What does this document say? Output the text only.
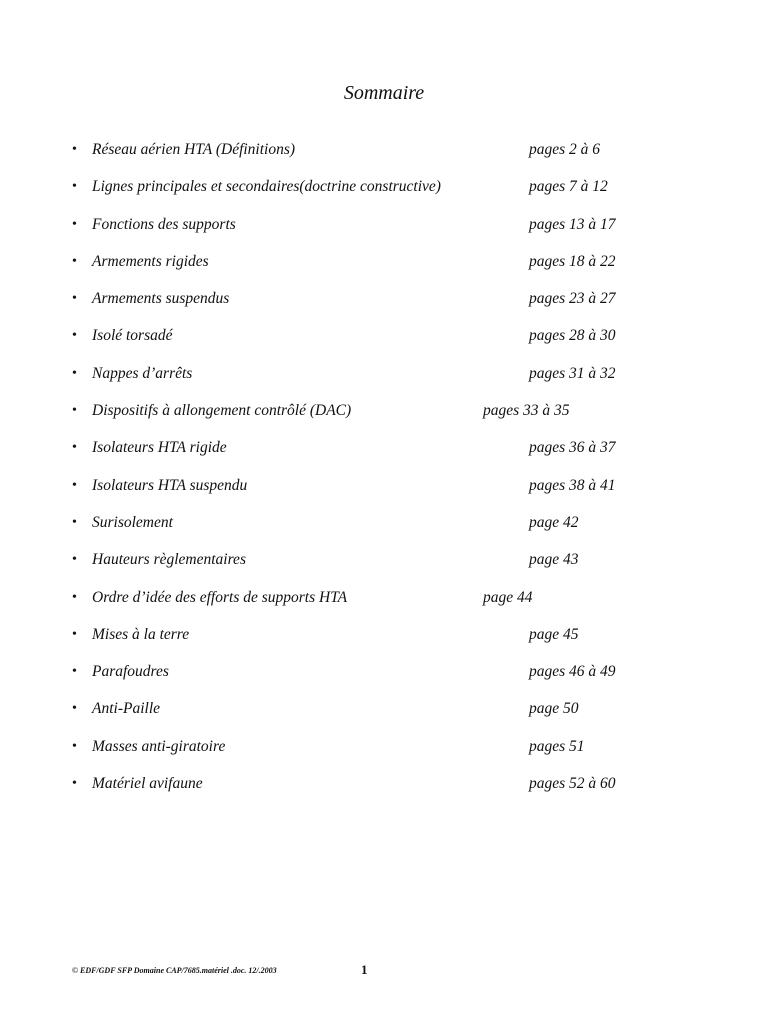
Sommaire
• Réseau aérien HTA (Définitions)	pages 2 à 6
• Lignes principales et secondaires(doctrine constructive)	pages 7 à 12
• Fonctions des supports	pages 13 à 17
• Armements rigides	pages 18 à 22
• Armements suspendus	pages 23 à 27
• Isolé torsadé	pages 28 à 30
• Nappes d’arrêts	pages 31 à 32
• Dispositifs à allongement contrôlé (DAC)	pages 33 à 35
• Isolateurs HTA rigide	pages 36 à 37
• Isolateurs HTA suspendu	pages 38 à 41
• Surisolement	page 42
• Hauteurs règlementaires	page 43
• Ordre d’idée des efforts de supports HTA	page 44
• Mises à la terre	page 45
• Parafoudres	pages 46 à 49
• Anti-Paille	page 50
• Masses anti-giratoire	pages 51
• Matériel avifaune	pages 52 à 60
© EDF/GDF SFP Domaine CAP/7685.matériel .doc. 12/.2003	1
